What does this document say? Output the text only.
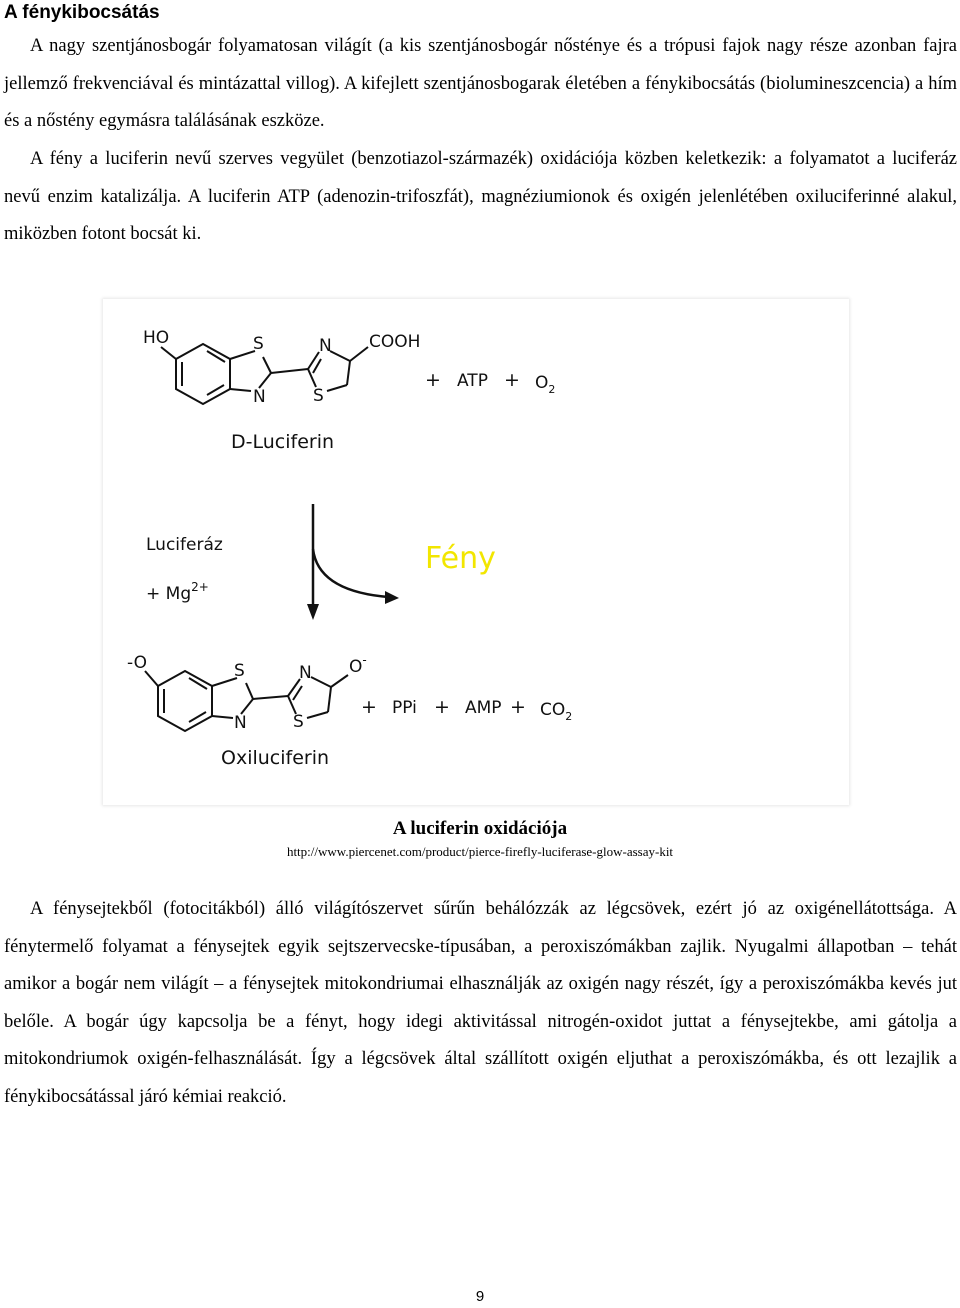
A fénykibocsátás
A nagy szentjánosbogár folyamatosan világít (a kis szentjánosbogár nőstényе és a trópusi fajok nagy része azonban fajra jellemző frekvenciával és mintázattal villog). A kifejlett szentjánosbogarak életében a fénykibocsátás (biolumineszcencia) a hím és a nőstény egymásra találásának eszköze.
A fény a luciferin nevű szerves vegyület (benzotiazol-származék) oxidációja közben keletkezik: a folyamatot a luciferáz nevű enzim katalizálja. A luciferin ATP (adenozin-trifoszfát), magnéziumionok és oxigén jelenlétében oxiluciferinné alakul, miközben fotont bocsát ki.
HO	S
N
N
S
COOH
+ ATP + $O_2$
D-Luciferin
Luciferáz
+ $Mg^{2+}$
Fény
-O	S
N
N
S
O-
+ PPi + AMP + $CO_2$
Oxiluciferin
A luciferin oxidációja
http://www.piercenet.com/product/pierce-firefly-luciferase-glow-assay-kit
A fénysejtekből (fotocitákból) álló világítószervet sűrűn behálózzák az légcsövek, ezért jó az oxigénellátottsága. A fénytermelő folyamat a fénysejtek egyik sejtszervecske-típusában, a peroxiszómákban zajlik. Nyugalmi állapotban – tehát amikor a bogár nem világít – a fénysejtek mitokondriumai elhasználják az oxigén nagy részét, így a peroxiszómákba kevés jut belőle. A bogár úgy kapcsolja be a fényt, hogy idegi aktivitással nitrogén-oxidot juttat a fénysejtekbe, ami gátolja a mitokondriumok oxigén-felhasználását. Így a légcsövek által szállított oxigén eljuthat a peroxiszómákba, és ott lezajlik a fénykibocsátással járó kémiai reakció.
9
